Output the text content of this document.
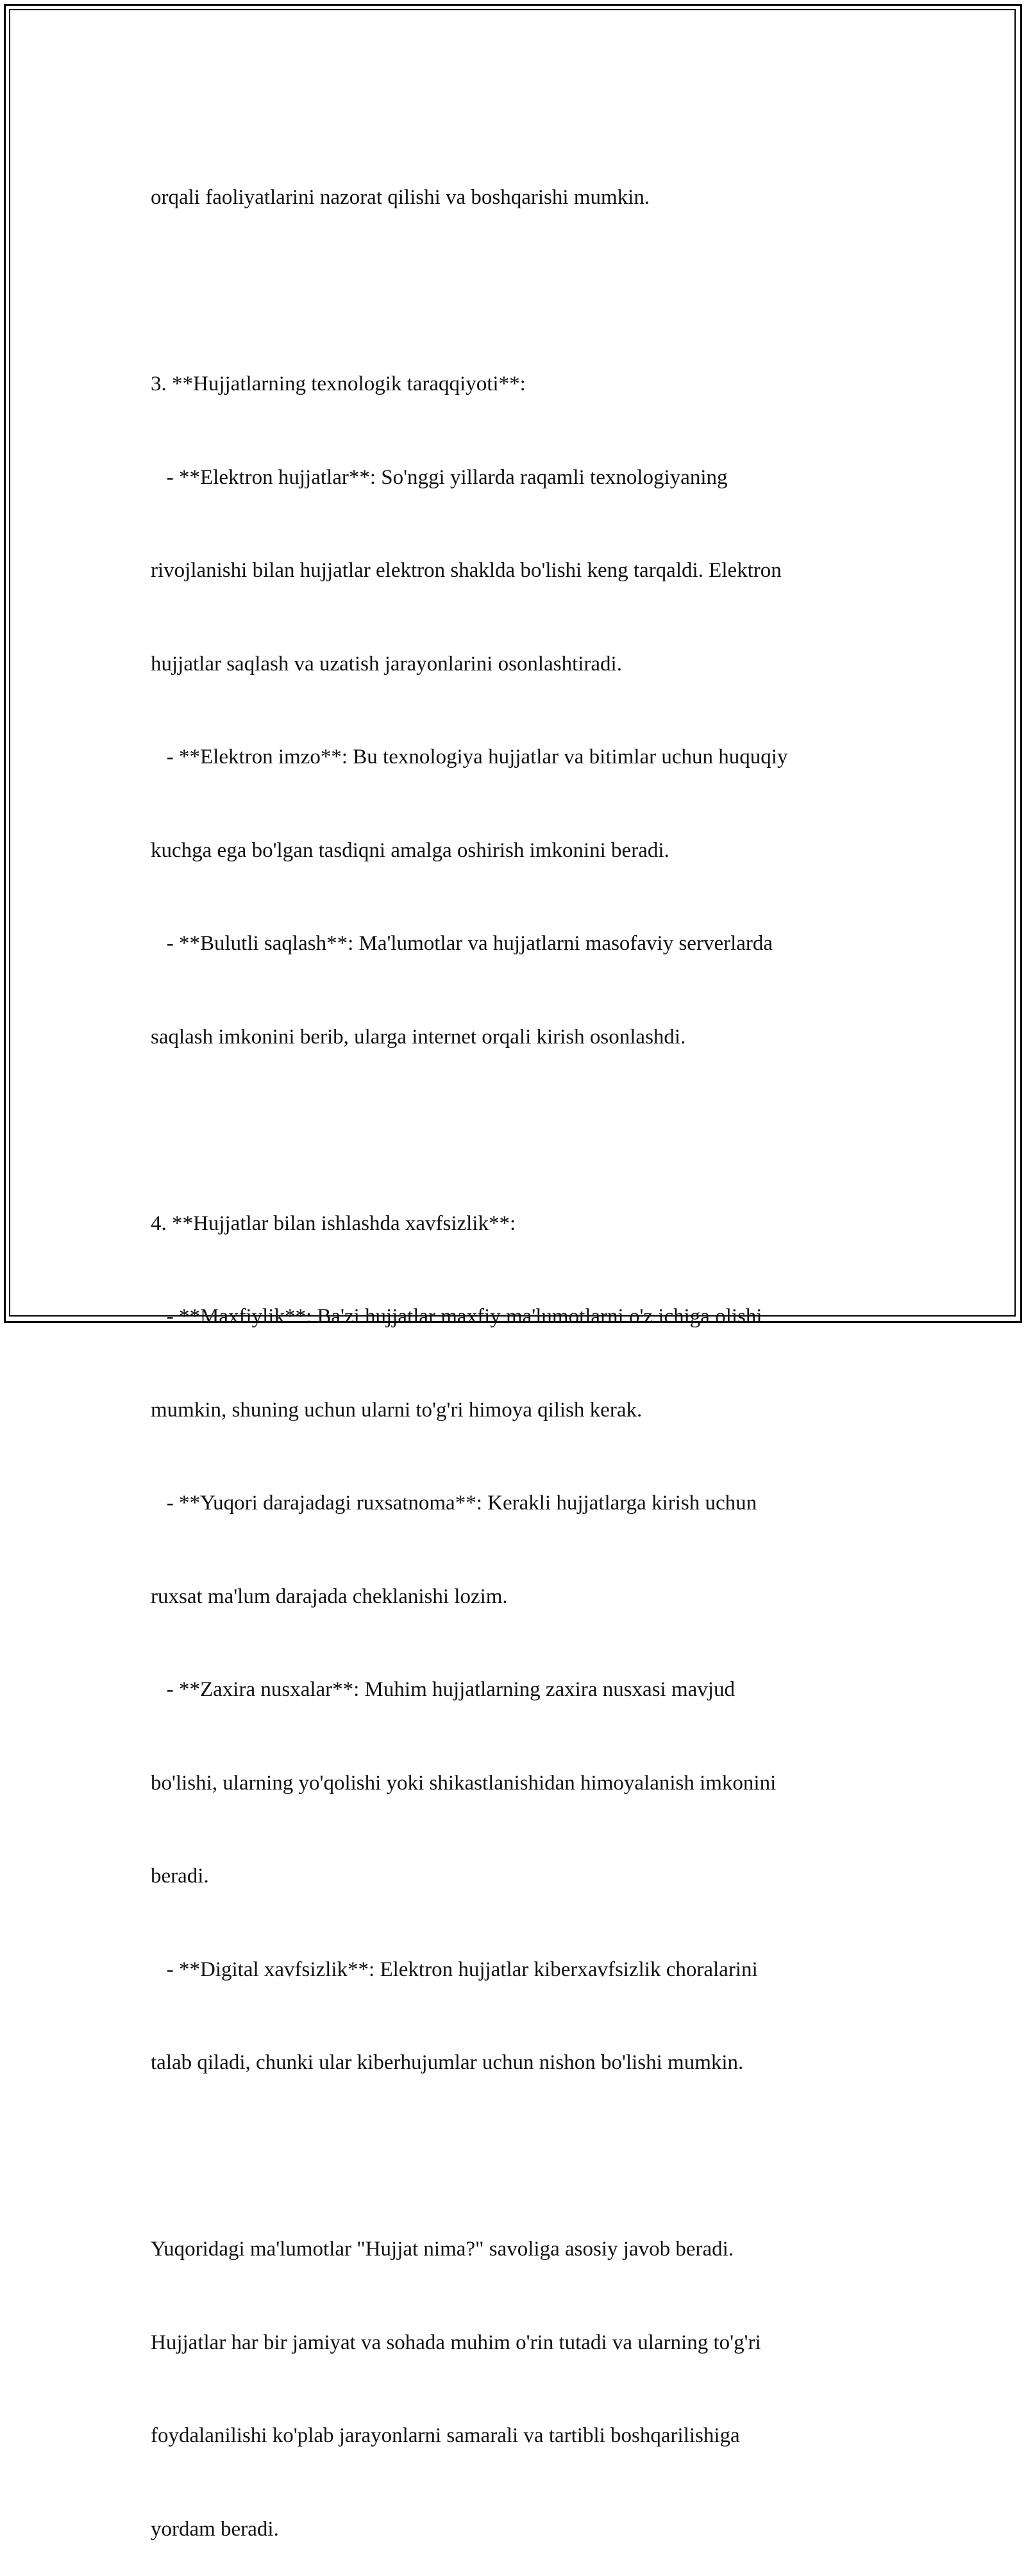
orqali faoliyatlarini nazorat qilishi va boshqarishi mumkin.

3. **Hujjatlarning texnologik taraqqiyoti**:

- **Elektron hujjatlar**: So'nggi yillarda raqamli texnologiyaning

rivojlanishi bilan hujjatlar elektron shaklda bo'lishi keng tarqaldi. Elektron

hujjatlar saqlash va uzatish jarayonlarini osonlashtiradi.

- **Elektron imzo**: Bu texnologiya hujjatlar va bitimlar uchun huquqiy

kuchga ega bo'lgan tasdiqni amalga oshirish imkonini beradi.

- **Bulutli saqlash**: Ma'lumotlar va hujjatlarni masofaviy serverlarda

saqlash imkonini berib, ularga internet orqali kirish osonlashdi.

4. **Hujjatlar bilan ishlashda xavfsizlik**:

- **Maxfiylik**: Ba'zi hujjatlar maxfiy ma'lumotlarni o'z ichiga olishi

mumkin, shuning uchun ularni to'g'ri himoya qilish kerak.

- **Yuqori darajadagi ruxsatnoma**: Kerakli hujjatlarga kirish uchun

ruxsat ma'lum darajada cheklanishi lozim.

- **Zaxira nusxalar**: Muhim hujjatlarning zaxira nusxasi mavjud

bo'lishi, ularning yo'qolishi yoki shikastlanishidan himoyalanish imkonini

beradi.

- **Digital xavfsizlik**: Elektron hujjatlar kiberxavfsizlik choralarini

talab qiladi, chunki ular kiberhujumlar uchun nishon bo'lishi mumkin.

Yuqoridagi ma'lumotlar "Hujjat nima?" savoliga asosiy javob beradi.

Hujjatlar har bir jamiyat va sohada muhim o'rin tutadi va ularning to'g'ri

foydalanilishi ko'plab jarayonlarni samarali va tartibli boshqarilishiga

yordam beradi.
